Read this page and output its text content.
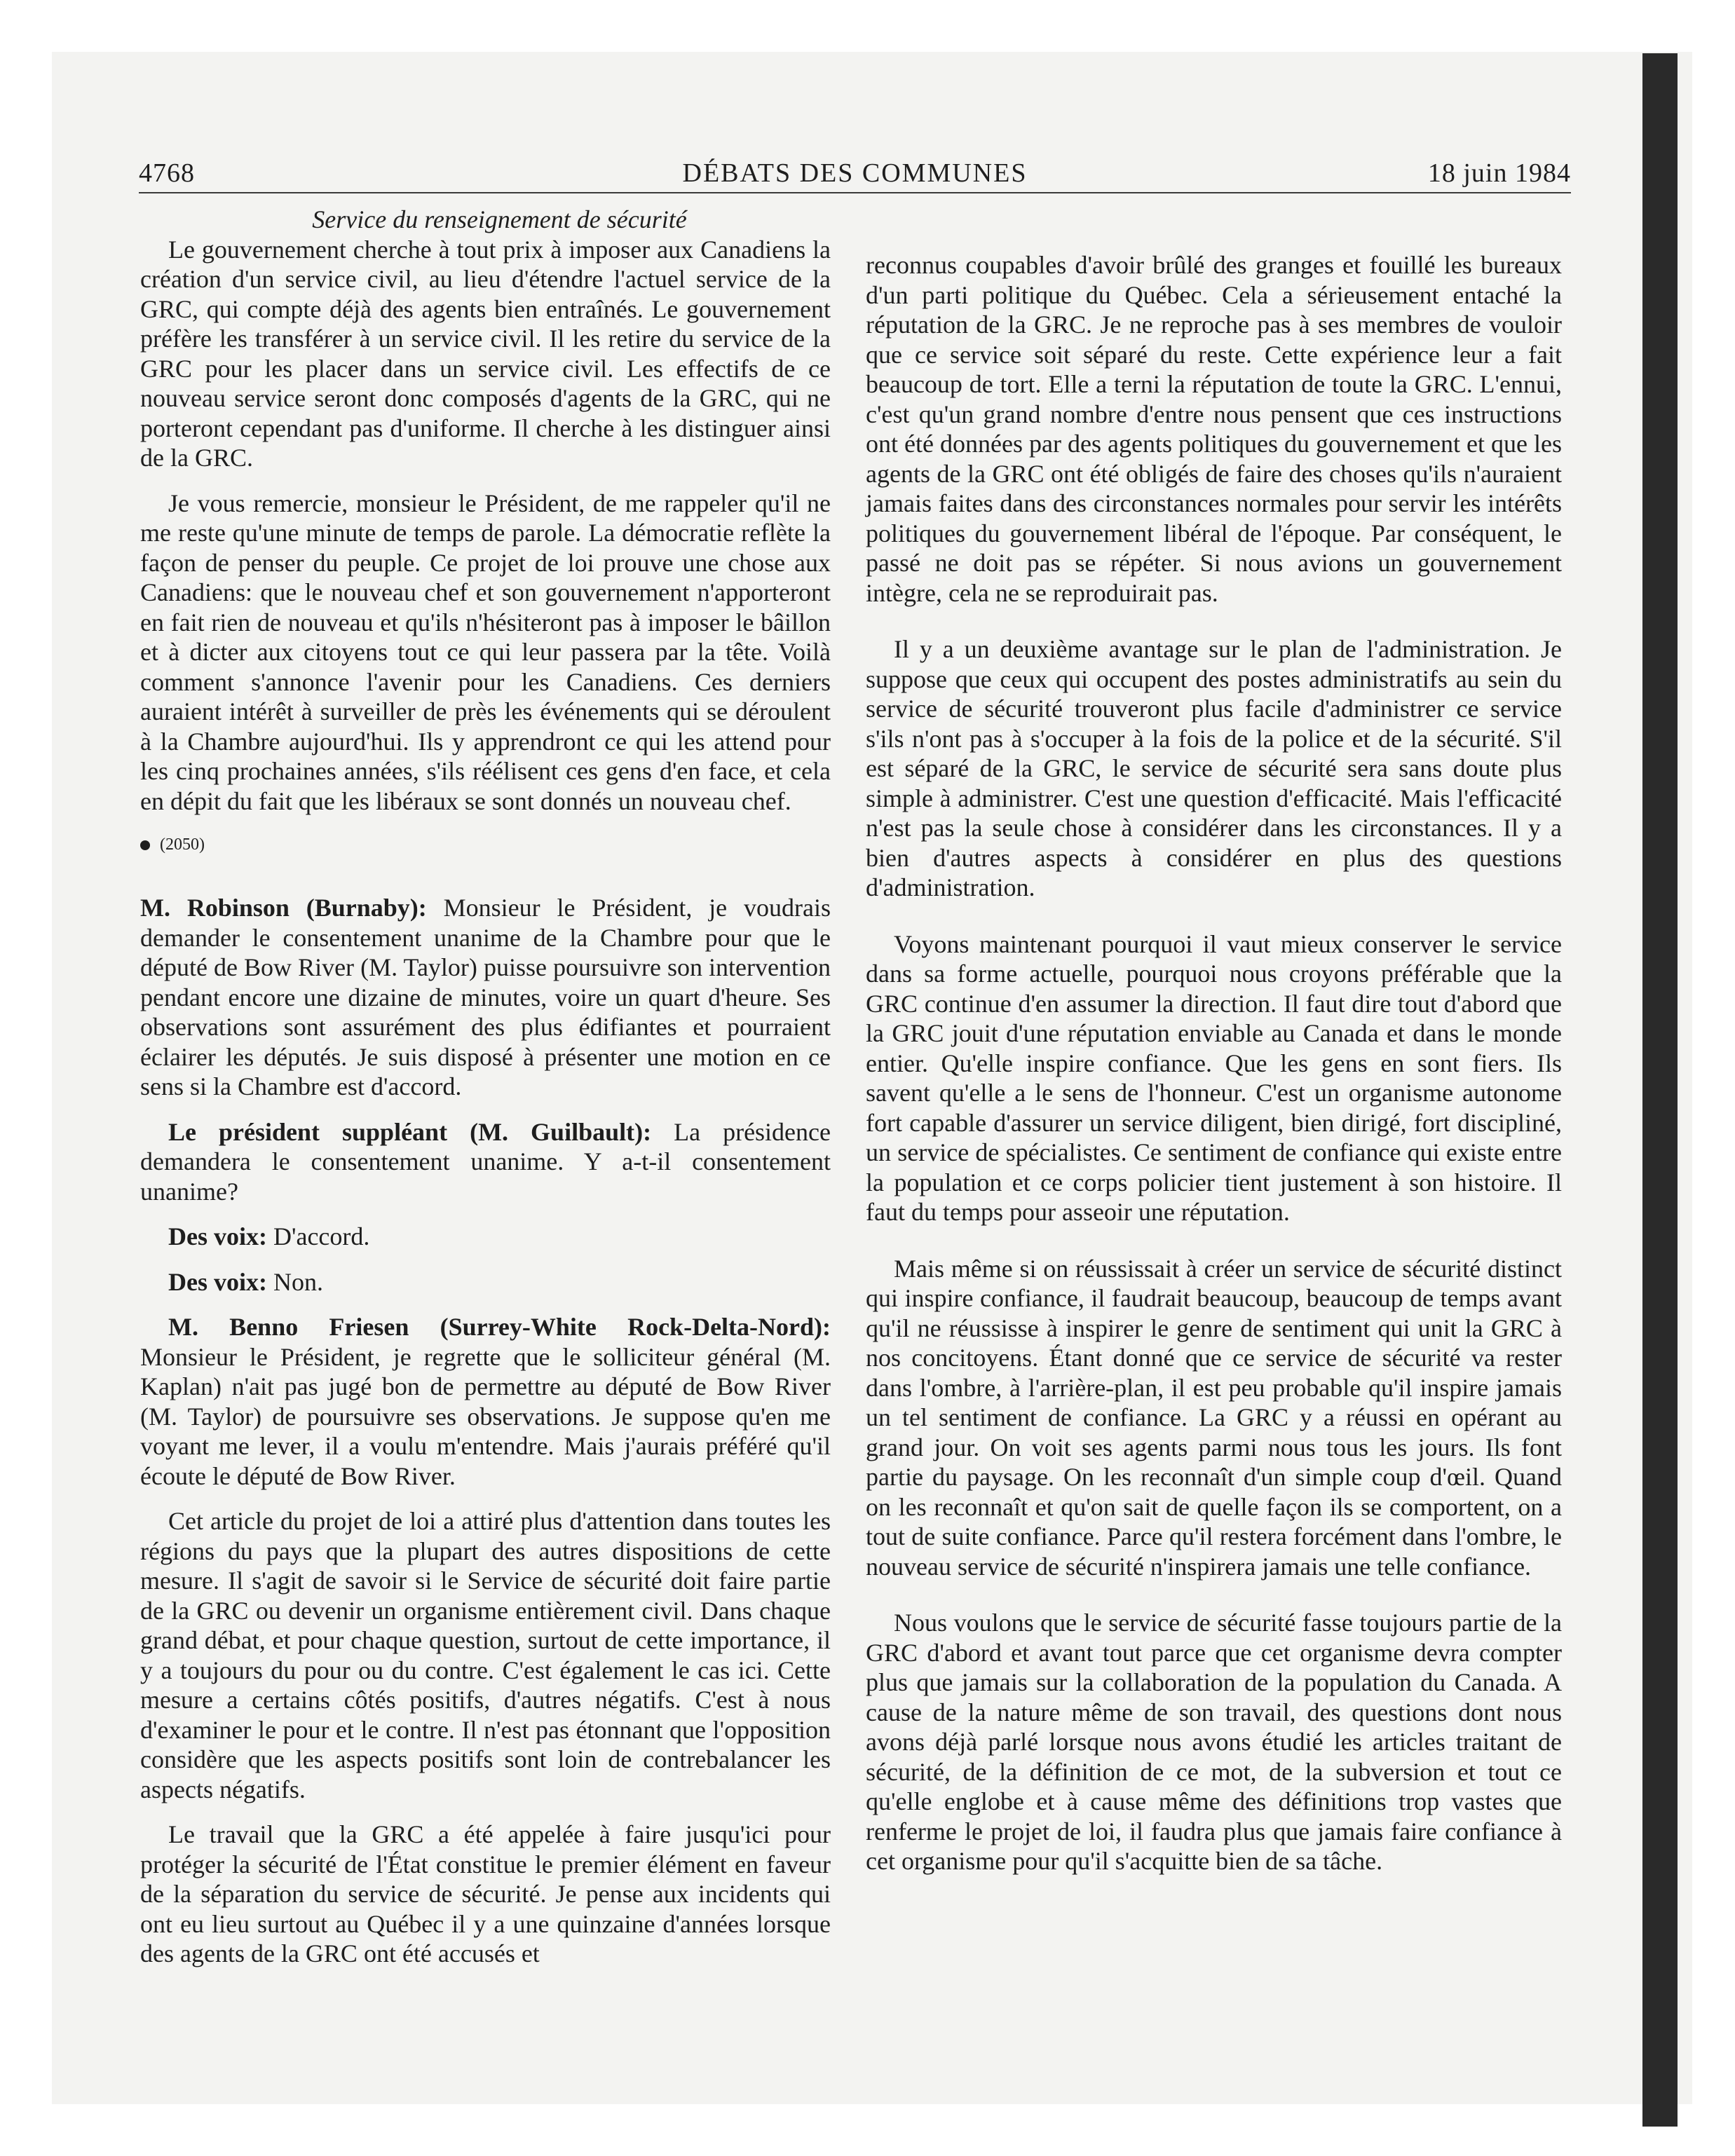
4768	DÉBATS DES COMMUNES	18 juin 1984

Service du renseignement de sécurité

Le gouvernement cherche à tout prix à imposer aux Canadiens la création d'un service civil, au lieu d'étendre l'actuel service de la GRC, qui compte déjà des agents bien entraînés. Le gouvernement préfère les transférer à un service civil. Il les retire du service de la GRC pour les placer dans un service civil. Les effectifs de ce nouveau service seront donc composés d'agents de la GRC, qui ne porteront cependant pas d'uniforme. Il cherche à les distinguer ainsi de la GRC.

Je vous remercie, monsieur le Président, de me rappeler qu'il ne me reste qu'une minute de temps de parole. La démocratie reflète la façon de penser du peuple. Ce projet de loi prouve une chose aux Canadiens: que le nouveau chef et son gouvernement n'apporteront en fait rien de nouveau et qu'ils n'hésiteront pas à imposer le bâillon et à dicter aux citoyens tout ce qui leur passera par la tête. Voilà comment s'annonce l'avenir pour les Canadiens. Ces derniers auraient intérêt à surveiller de près les événements qui se déroulent à la Chambre aujourd'hui. Ils y apprendront ce qui les attend pour les cinq prochaines années, s'ils réélisent ces gens d'en face, et cela en dépit du fait que les libéraux se sont donnés un nouveau chef.

(2050)

M. Robinson (Burnaby): Monsieur le Président, je voudrais demander le consentement unanime de la Chambre pour que le député de Bow River (M. Taylor) puisse poursuivre son intervention pendant encore une dizaine de minutes, voire un quart d'heure. Ses observations sont assurément des plus édifiantes et pourraient éclairer les députés. Je suis disposé à présenter une motion en ce sens si la Chambre est d'accord.

Le président suppléant (M. Guilbault): La présidence demandera le consentement unanime. Y a-t-il consentement unanime?

Des voix: D'accord.

Des voix: Non.

M. Benno Friesen (Surrey-White Rock-Delta-Nord): Monsieur le Président, je regrette que le solliciteur général (M. Kaplan) n'ait pas jugé bon de permettre au député de Bow River (M. Taylor) de poursuivre ses observations. Je suppose qu'en me voyant me lever, il a voulu m'entendre. Mais j'aurais préféré qu'il écoute le député de Bow River.

Cet article du projet de loi a attiré plus d'attention dans toutes les régions du pays que la plupart des autres dispositions de cette mesure. Il s'agit de savoir si le Service de sécurité doit faire partie de la GRC ou devenir un organisme entièrement civil. Dans chaque grand débat, et pour chaque question, surtout de cette importance, il y a toujours du pour ou du contre. C'est également le cas ici. Cette mesure a certains côtés positifs, d'autres négatifs. C'est à nous d'examiner le pour et le contre. Il n'est pas étonnant que l'opposition considère que les aspects positifs sont loin de contrebalancer les aspects négatifs.

Le travail que la GRC a été appelée à faire jusqu'ici pour protéger la sécurité de l'État constitue le premier élément en faveur de la séparation du service de sécurité. Je pense aux incidents qui ont eu lieu surtout au Québec il y a une quinzaine d'années lorsque des agents de la GRC ont été accusés et

reconnus coupables d'avoir brûlé des granges et fouillé les bureaux d'un parti politique du Québec. Cela a sérieusement entaché la réputation de la GRC. Je ne reproche pas à ses membres de vouloir que ce service soit séparé du reste. Cette expérience leur a fait beaucoup de tort. Elle a terni la réputation de toute la GRC. L'ennui, c'est qu'un grand nombre d'entre nous pensent que ces instructions ont été données par des agents politiques du gouvernement et que les agents de la GRC ont été obligés de faire des choses qu'ils n'auraient jamais faites dans des circonstances normales pour servir les intérêts politiques du gouvernement libéral de l'époque. Par conséquent, le passé ne doit pas se répéter. Si nous avions un gouvernement intègre, cela ne se reproduirait pas.

Il y a un deuxième avantage sur le plan de l'administration. Je suppose que ceux qui occupent des postes administratifs au sein du service de sécurité trouveront plus facile d'administrer ce service s'ils n'ont pas à s'occuper à la fois de la police et de la sécurité. S'il est séparé de la GRC, le service de sécurité sera sans doute plus simple à administrer. C'est une question d'efficacité. Mais l'efficacité n'est pas la seule chose à considérer dans les circonstances. Il y a bien d'autres aspects à considérer en plus des questions d'administration.

Voyons maintenant pourquoi il vaut mieux conserver le service dans sa forme actuelle, pourquoi nous croyons préférable que la GRC continue d'en assumer la direction. Il faut dire tout d'abord que la GRC jouit d'une réputation enviable au Canada et dans le monde entier. Qu'elle inspire confiance. Que les gens en sont fiers. Ils savent qu'elle a le sens de l'honneur. C'est un organisme autonome fort capable d'assurer un service diligent, bien dirigé, fort discipliné, un service de spécialistes. Ce sentiment de confiance qui existe entre la population et ce corps policier tient justement à son histoire. Il faut du temps pour asseoir une réputation.

Mais même si on réussissait à créer un service de sécurité distinct qui inspire confiance, il faudrait beaucoup, beaucoup de temps avant qu'il ne réussisse à inspirer le genre de sentiment qui unit la GRC à nos concitoyens. Étant donné que ce service de sécurité va rester dans l'ombre, à l'arrière-plan, il est peu probable qu'il inspire jamais un tel sentiment de confiance. La GRC y a réussi en opérant au grand jour. On voit ses agents parmi nous tous les jours. Ils font partie du paysage. On les reconnaît d'un simple coup d'œil. Quand on les reconnaît et qu'on sait de quelle façon ils se comportent, on a tout de suite confiance. Parce qu'il restera forcément dans l'ombre, le nouveau service de sécurité n'inspirera jamais une telle confiance.

Nous voulons que le service de sécurité fasse toujours partie de la GRC d'abord et avant tout parce que cet organisme devra compter plus que jamais sur la collaboration de la population du Canada. A cause de la nature même de son travail, des questions dont nous avons déjà parlé lorsque nous avons étudié les articles traitant de sécurité, de la définition de ce mot, de la subversion et tout ce qu'elle englobe et à cause même des définitions trop vastes que renferme le projet de loi, il faudra plus que jamais faire confiance à cet organisme pour qu'il s'acquitte bien de sa tâche.
